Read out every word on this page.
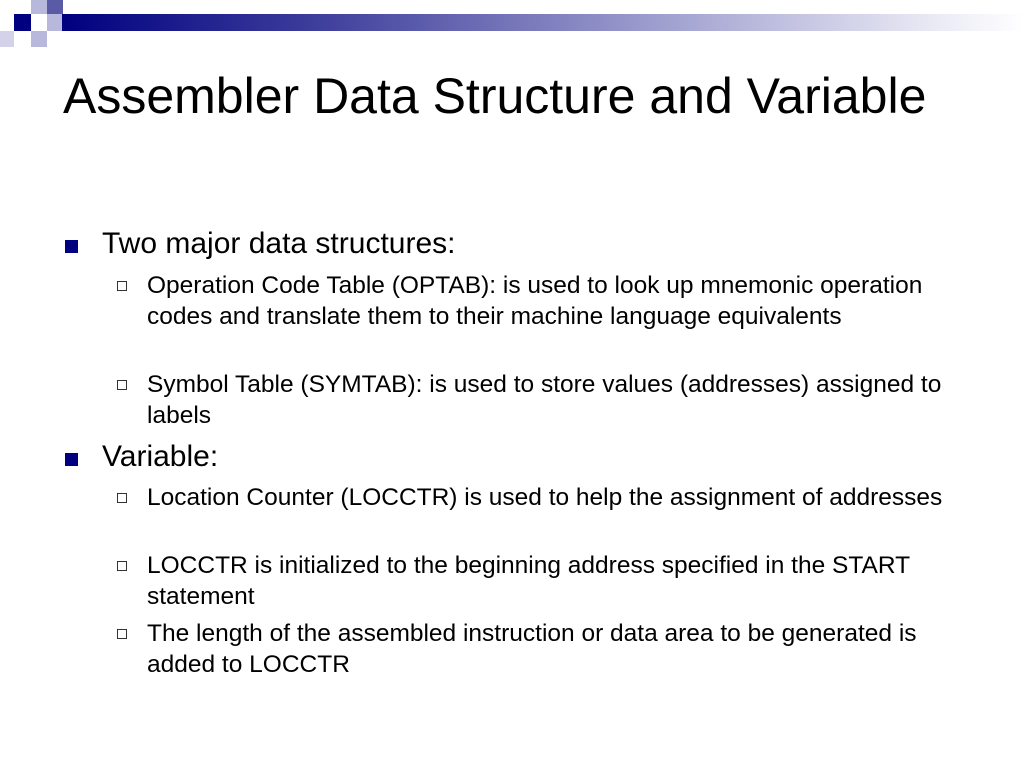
Assembler Data Structure and Variable
Two major data structures:
Operation Code Table (OPTAB): is used to look up mnemonic operation codes and translate them to their machine language equivalents
Symbol Table (SYMTAB): is used to store values (addresses) assigned to labels
Variable:
Location Counter (LOCCTR) is used to help the assignment of addresses
LOCCTR is initialized to the beginning address specified in the START statement
The length of the assembled instruction or data area to be generated is added to LOCCTR
